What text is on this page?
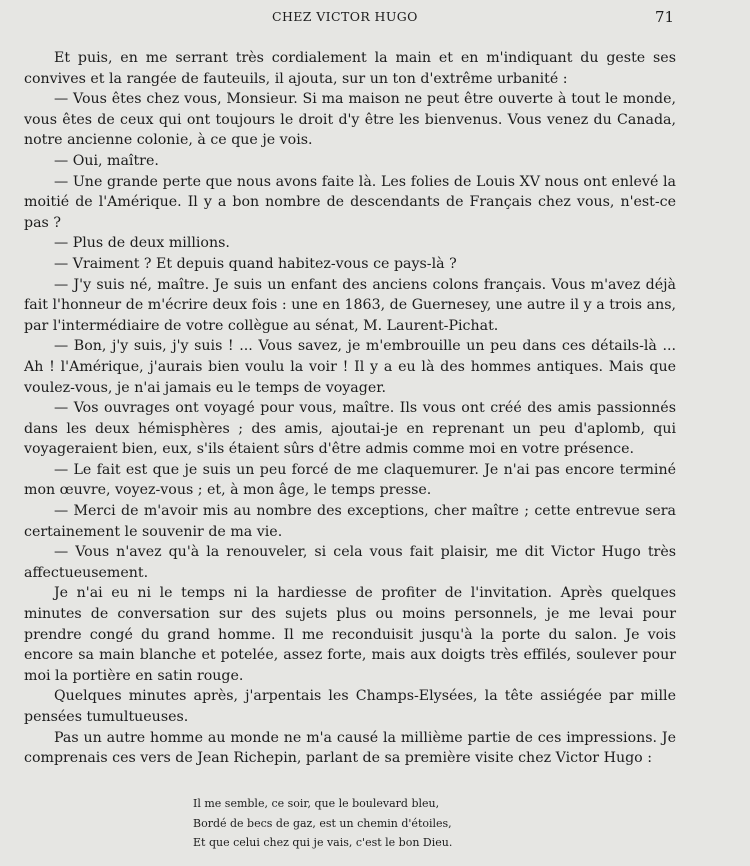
CHEZ VICTOR HUGO	71

Et puis, en me serrant très cordialement la main et en m'indiquant du geste ses convives et la rangée de fauteuils, il ajouta, sur un ton d'extrême urbanité :

— Vous êtes chez vous, Monsieur. Si ma maison ne peut être ouverte à tout le monde, vous êtes de ceux qui ont toujours le droit d'y être les bienvenus. Vous venez du Canada, notre ancienne colonie, à ce que je vois.

— Oui, maître.

— Une grande perte que nous avons faite là. Les folies de Louis XV nous ont enlevé la moitié de l'Amérique. Il y a bon nombre de descendants de Français chez vous, n'est-ce pas ?

— Plus de deux millions.

— Vraiment ? Et depuis quand habitez-vous ce pays-là ?

— J'y suis né, maître. Je suis un enfant des anciens colons français. Vous m'avez déjà fait l'honneur de m'écrire deux fois : une en 1863, de Guernesey, une autre il y a trois ans, par l'intermédiaire de votre collègue au sénat, M. Laurent-Pichat.

— Bon, j'y suis, j'y suis ! ... Vous savez, je m'embrouille un peu dans ces détails-là ... Ah ! l'Amérique, j'aurais bien voulu la voir ! Il y a eu là des hommes antiques. Mais que voulez-vous, je n'ai jamais eu le temps de voyager.

— Vos ouvrages ont voyagé pour vous, maître. Ils vous ont créé des amis passionnés dans les deux hémisphères ; des amis, ajoutai-je en reprenant un peu d'aplomb, qui voyageraient bien, eux, s'ils étaient sûrs d'être admis comme moi en votre présence.

— Le fait est que je suis un peu forcé de me claquemurer. Je n'ai pas encore terminé mon œuvre, voyez-vous ; et, à mon âge, le temps presse.

— Merci de m'avoir mis au nombre des exceptions, cher maître ; cette entrevue sera certainement le souvenir de ma vie.

— Vous n'avez qu'à la renouveler, si cela vous fait plaisir, me dit Victor Hugo très affectueusement.

Je n'ai eu ni le temps ni la hardiesse de profiter de l'invitation. Après quelques minutes de conversation sur des sujets plus ou moins personnels, je me levai pour prendre congé du grand homme. Il me reconduisit jusqu'à la porte du salon. Je vois encore sa main blanche et potelée, assez forte, mais aux doigts très effilés, soulever pour moi la portière en satin rouge.

Quelques minutes après, j'arpentais les Champs-Elysées, la tête assiégée par mille pensées tumultueuses.

Pas un autre homme au monde ne m'a causé la millième partie de ces impressions. Je comprenais ces vers de Jean Richepin, parlant de sa première visite chez Victor Hugo :

Il me semble, ce soir, que le boulevard bleu,
Bordé de becs de gaz, est un chemin d'étoiles,
Et que celui chez qui je vais, c'est le bon Dieu.
